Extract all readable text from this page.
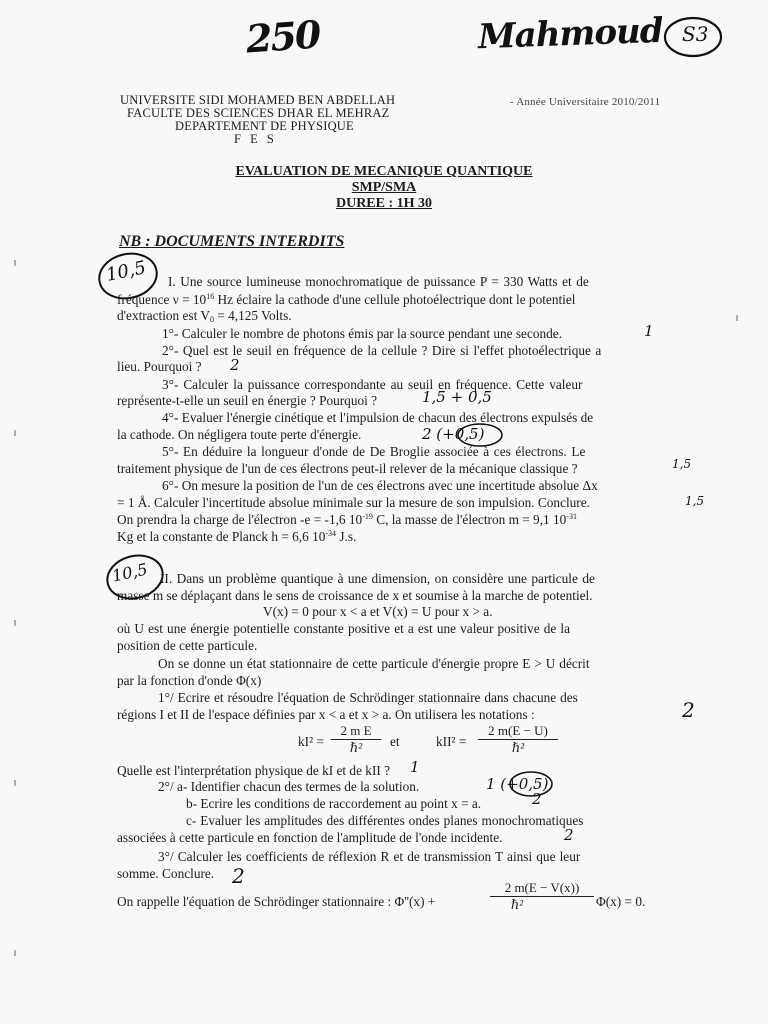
250	Mahmoud S3
UNIVERSITE SIDI MOHAMED BEN ABDELLAH
FACULTE DES SCIENCES DHAR EL MEHRAZ
DEPARTEMENT DE PHYSIQUE
F E S
- Année Universitaire 2010/2011
EVALUATION DE MECANIQUE QUANTIQUE
SMP/SMA
DUREE : 1H 30
NB : DOCUMENTS INTERDITS
10,5 I. Une source lumineuse monochromatique de puissance P = 330 Watts et de
fréquence $\nu = 10^{16}$ Hz éclaire la cathode d'une cellule photoélectrique dont le potentiel
d'extraction est $V_0 = 4,125$ Volts.
1°- Calculer le nombre de photons émis par la source pendant une seconde.	1
2°- Quel est le seuil en fréquence de la cellule ? Dire si l'effet photoélectrique a
lieu. Pourquoi ? 2
3°- Calculer la puissance correspondante au seuil en fréquence. Cette valeur
représente-t-elle un seuil en énergie ? Pourquoi ?	1,5 + 0,5
4°- Evaluer l'énergie cinétique et l'impulsion de chacun des électrons expulsés de
la cathode. On négligera toute perte d'énergie.	2 (+0,5)
5°- En déduire la longueur d'onde de De Broglie associée à ces électrons. Le
traitement physique de l'un de ces électrons peut-il relever de la mécanique classique ?	1,5
6°- On mesure la position de l'un de ces électrons avec une incertitude absolue Δx
= 1 Å. Calculer l'incertitude absolue minimale sur la mesure de son impulsion. Conclure.	1,5
On prendra la charge de l'électron -e = -1,6 $10^{-19}$ C, la masse de l'électron m = 9,1 $10^{-31}$
Kg et la constante de Planck h = 6,6 $10^{-34}$ J.s.
10,5 II. Dans un problème quantique à une dimension, on considère une particule de
masse m se déplaçant dans le sens de croissance de x et soumise à la marche de potentiel.
V(x) = 0 pour x < a et V(x) = U pour x > a.
où U est une énergie potentielle constante positive et a est une valeur positive de la
position de cette particule.
On se donne un état stationnaire de cette particule d'énergie propre E > U décrit
par la fonction d'onde Φ(x)
1°/ Ecrire et résoudre l'équation de Schrödinger stationnaire dans chacune des
régions I et II de l'espace définies par x < a et x > a. On utilisera les notations :	2
kI² =
2 m E
ℏ²	et	kII² =
2 m(E − U)
ℏ²
Quelle est l'interprétation physique de kI et de kII ? 1
2°/ a- Identifier chacun des termes de la solution.	1 (+0,5)
b- Ecrire les conditions de raccordement au point x = a.	2
c- Evaluer les amplitudes des différentes ondes planes monochromatiques
associées à cette particule en fonction de l'amplitude de l'onde incidente.	2
3°/ Calculer les coefficients de réflexion R et de transmission T ainsi que leur
somme. Conclure. 2
On rappelle l'équation de Schrödinger stationnaire : Φ''(x) +
2 m(E − V(x))
ℏ²	Φ(x) = 0.
